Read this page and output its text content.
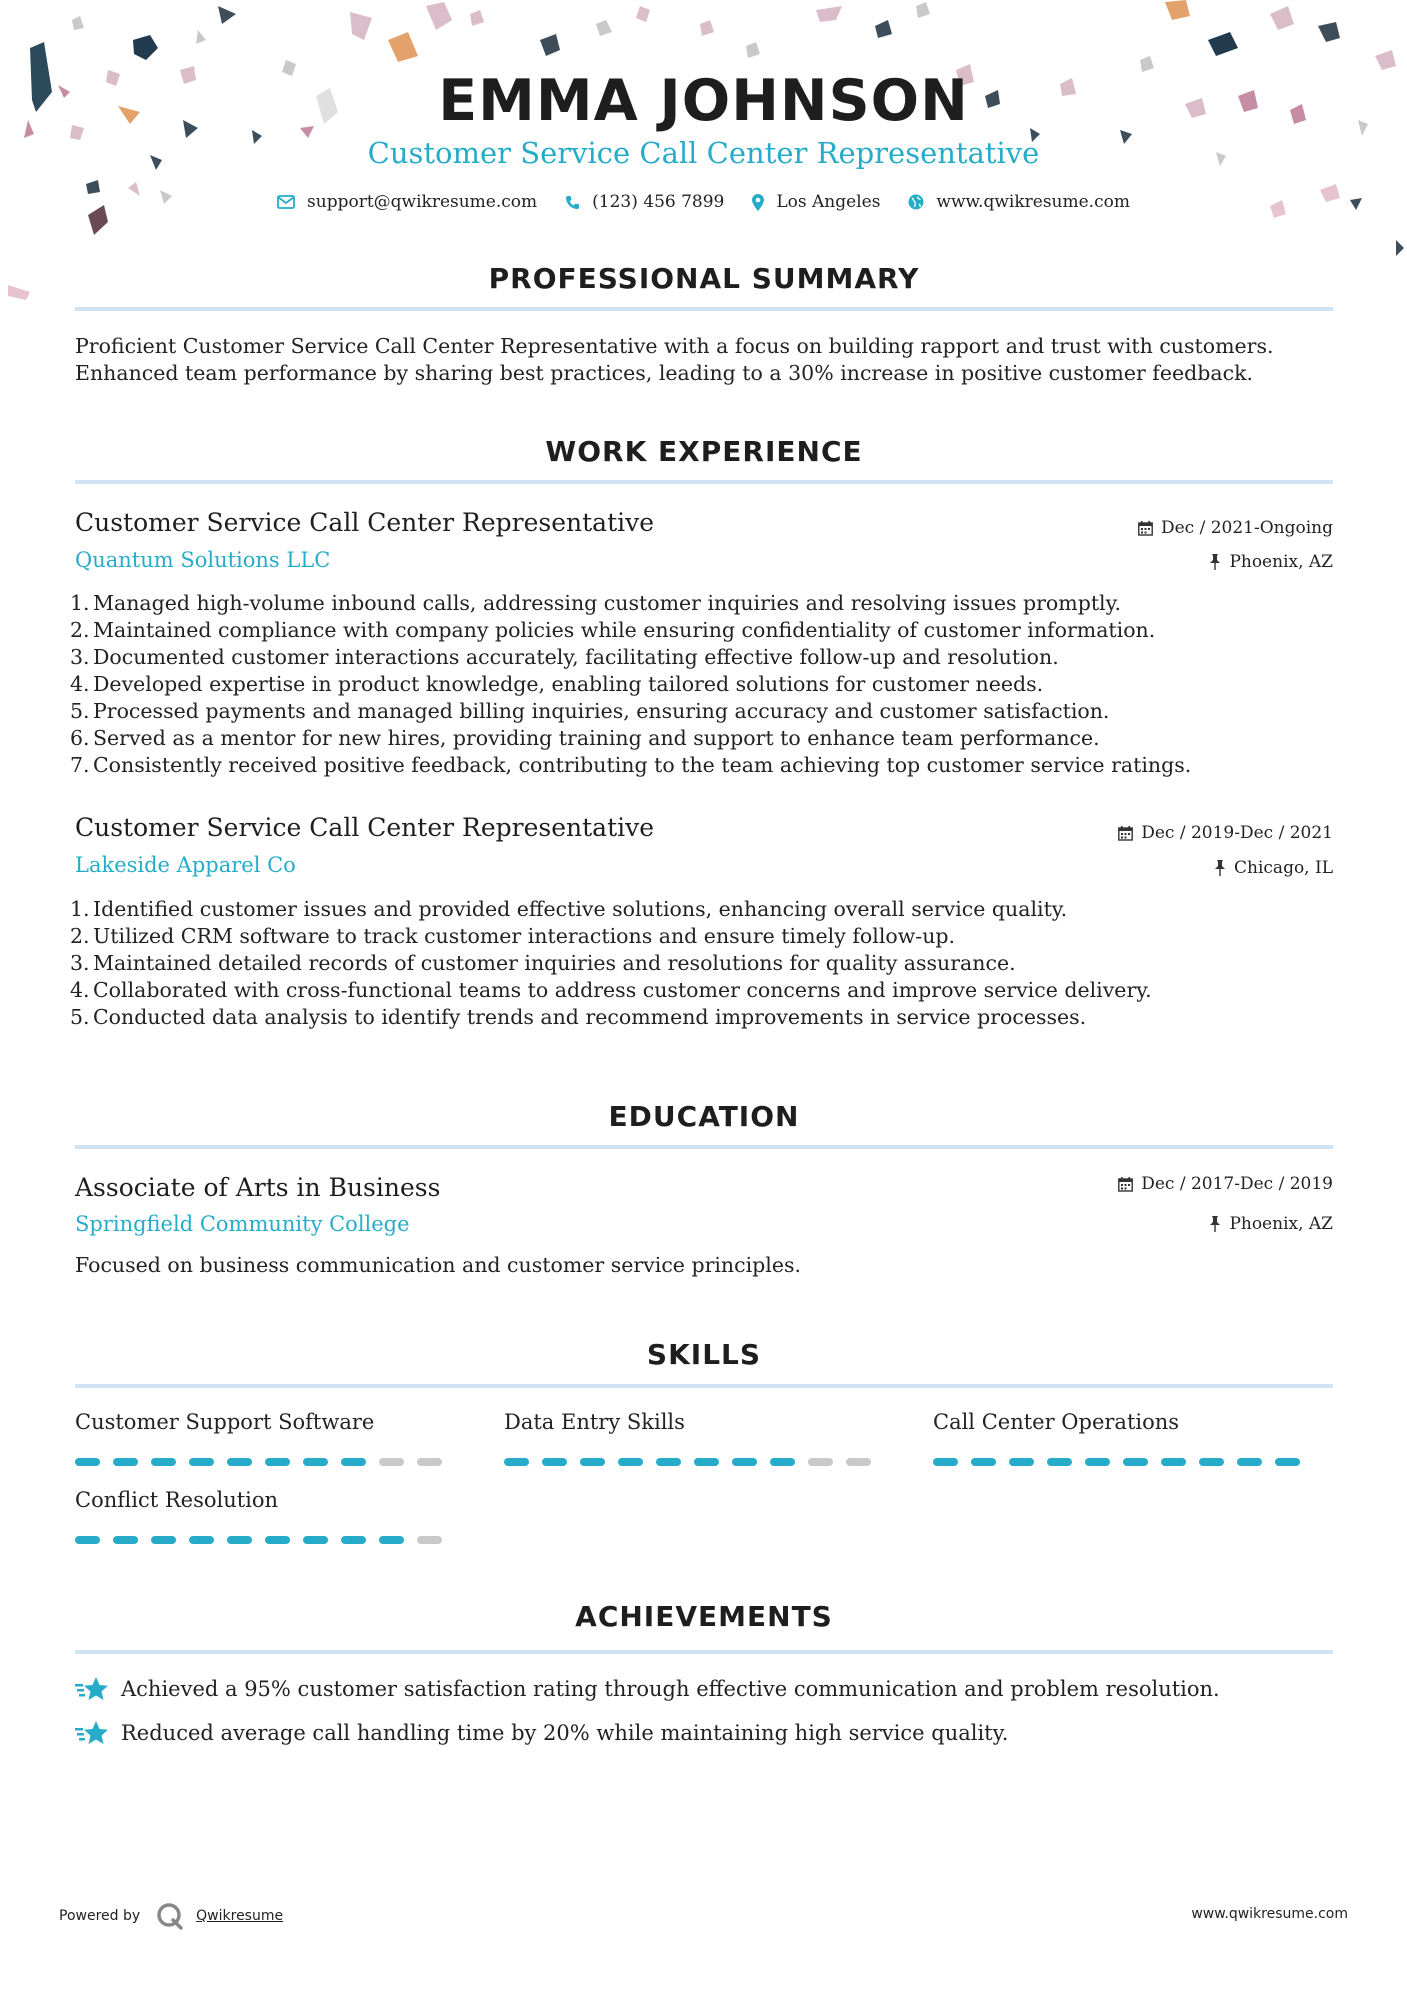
EMMA JOHNSON
Customer Service Call Center Representative
support@qwikresume.com	(123) 456 7899	Los Angeles	www.qwikresume.com
PROFESSIONAL SUMMARY

Proficient Customer Service Call Center Representative with a focus on building rapport and trust with customers.
Enhanced team performance by sharing best practices, leading to a 30% increase in positive customer feedback.

WORK EXPERIENCE
Customer Service Call Center Representative	Dec / 2021-Ongoing
Quantum Solutions LLC	Phoenix, AZ
1. Managed high-volume inbound calls, addressing customer inquiries and resolving issues promptly.
2. Maintained compliance with company policies while ensuring confidentiality of customer information.
3. Documented customer interactions accurately, facilitating effective follow-up and resolution.
4. Developed expertise in product knowledge, enabling tailored solutions for customer needs.
5. Processed payments and managed billing inquiries, ensuring accuracy and customer satisfaction.
6. Served as a mentor for new hires, providing training and support to enhance team performance.
7. Consistently received positive feedback, contributing to the team achieving top customer service ratings.
Customer Service Call Center Representative	Dec / 2019-Dec / 2021
Lakeside Apparel Co	Chicago, IL
1. Identified customer issues and provided effective solutions, enhancing overall service quality.
2. Utilized CRM software to track customer interactions and ensure timely follow-up.
3. Maintained detailed records of customer inquiries and resolutions for quality assurance.
4. Collaborated with cross-functional teams to address customer concerns and improve service delivery.
5. Conducted data analysis to identify trends and recommend improvements in service processes.
EDUCATION
Associate of Arts in Business	Dec / 2017-Dec / 2019
Springfield Community College	Phoenix, AZ

Focused on business communication and customer service principles.

SKILLS
Customer Support Software	Data Entry Skills	Call Center Operations
Conflict Resolution
ACHIEVEMENTS
Achieved a 95% customer satisfaction rating through effective communication and problem resolution.
Reduced average call handling time by 20% while maintaining high service quality.
Powered by	Qwikresume	www.qwikresume.com
